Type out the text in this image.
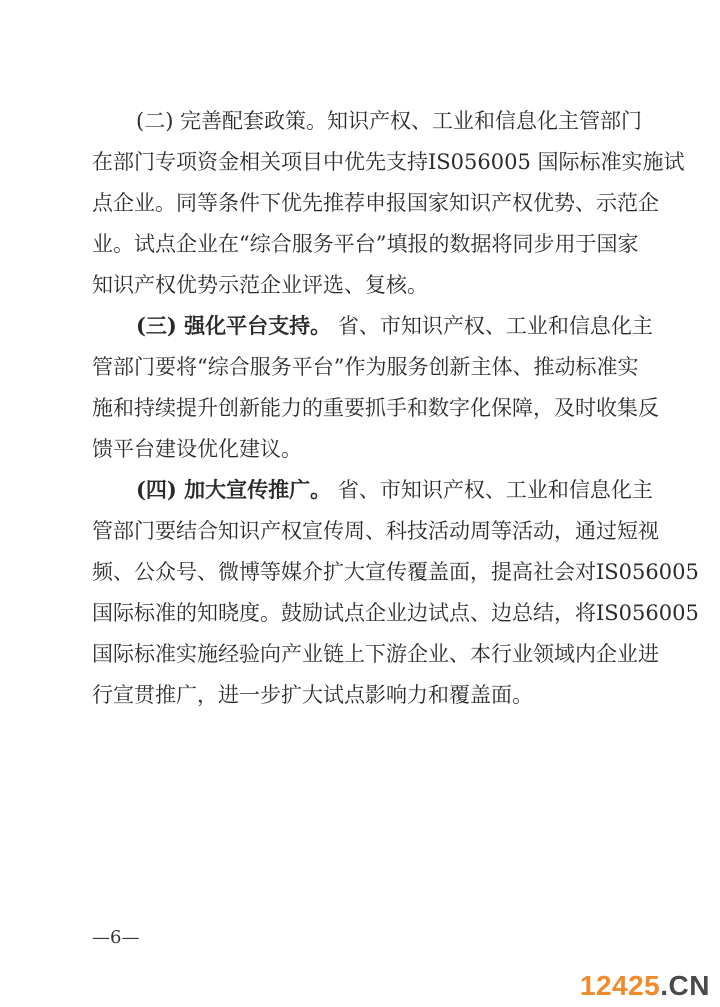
(二) 完善配套政策。知识产权、工业和信息化主管部门
在部门专项资金相关项目中优先支持IS056005 国际标准实施试
点企业。同等条件下优先推荐申报国家知识产权优势、示范企
业。试点企业在“综合服务平台”填报的数据将同步用于国家
知识产权优势示范企业评选、复核。
(三) 强化平台支持。 省、市知识产权、工业和信息化主
管部门要将“综合服务平台”作为服务创新主体、推动标准实
施和持续提升创新能力的重要抓手和数字化保障，及时收集反
馈平台建设优化建议。
(四) 加大宣传推广。 省、市知识产权、工业和信息化主
管部门要结合知识产权宣传周、科技活动周等活动，通过短视
频、公众号、微博等媒介扩大宣传覆盖面，提高社会对IS056005
国际标准的知晓度。鼓励试点企业边试点、边总结，将IS056005
国际标准实施经验向产业链上下游企业、本行业领域内企业进
行宣贯推广，进一步扩大试点影响力和覆盖面。
—6—
12425.CN
